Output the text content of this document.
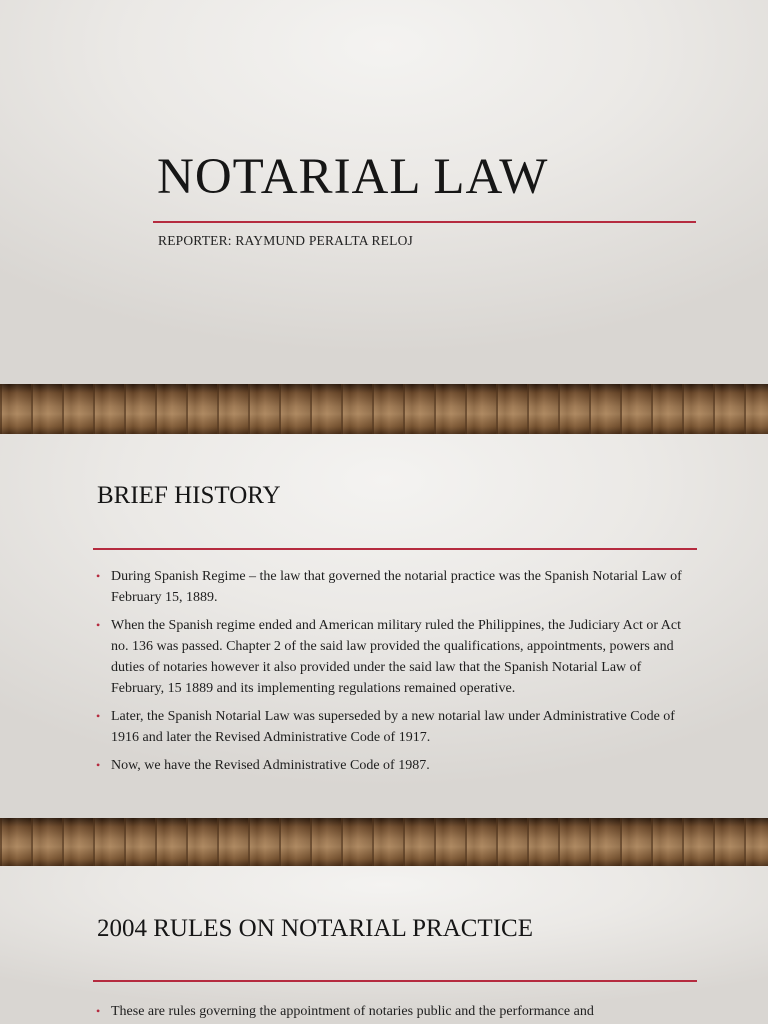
NOTARIAL LAW
REPORTER: RAYMUND PERALTA RELOJ
BRIEF HISTORY
• During Spanish Regime – the law that governed the notarial practice was the Spanish Notarial Law of February 15, 1889.
• When the Spanish regime ended and American military ruled the Philippines, the Judiciary Act or Act no. 136 was passed. Chapter 2 of the said law provided the qualifications, appointments, powers and duties of notaries however it also provided under the said law that the Spanish Notarial Law of February, 15 1889 and its implementing regulations remained operative.
• Later, the Spanish Notarial Law was superseded by a new notarial law under Administrative Code of 1916 and later the Revised Administrative Code of 1917.
• Now, we have the Revised Administrative Code of 1987.
2004 RULES ON NOTARIAL PRACTICE
• These are rules governing the appointment of notaries public and the performance and
